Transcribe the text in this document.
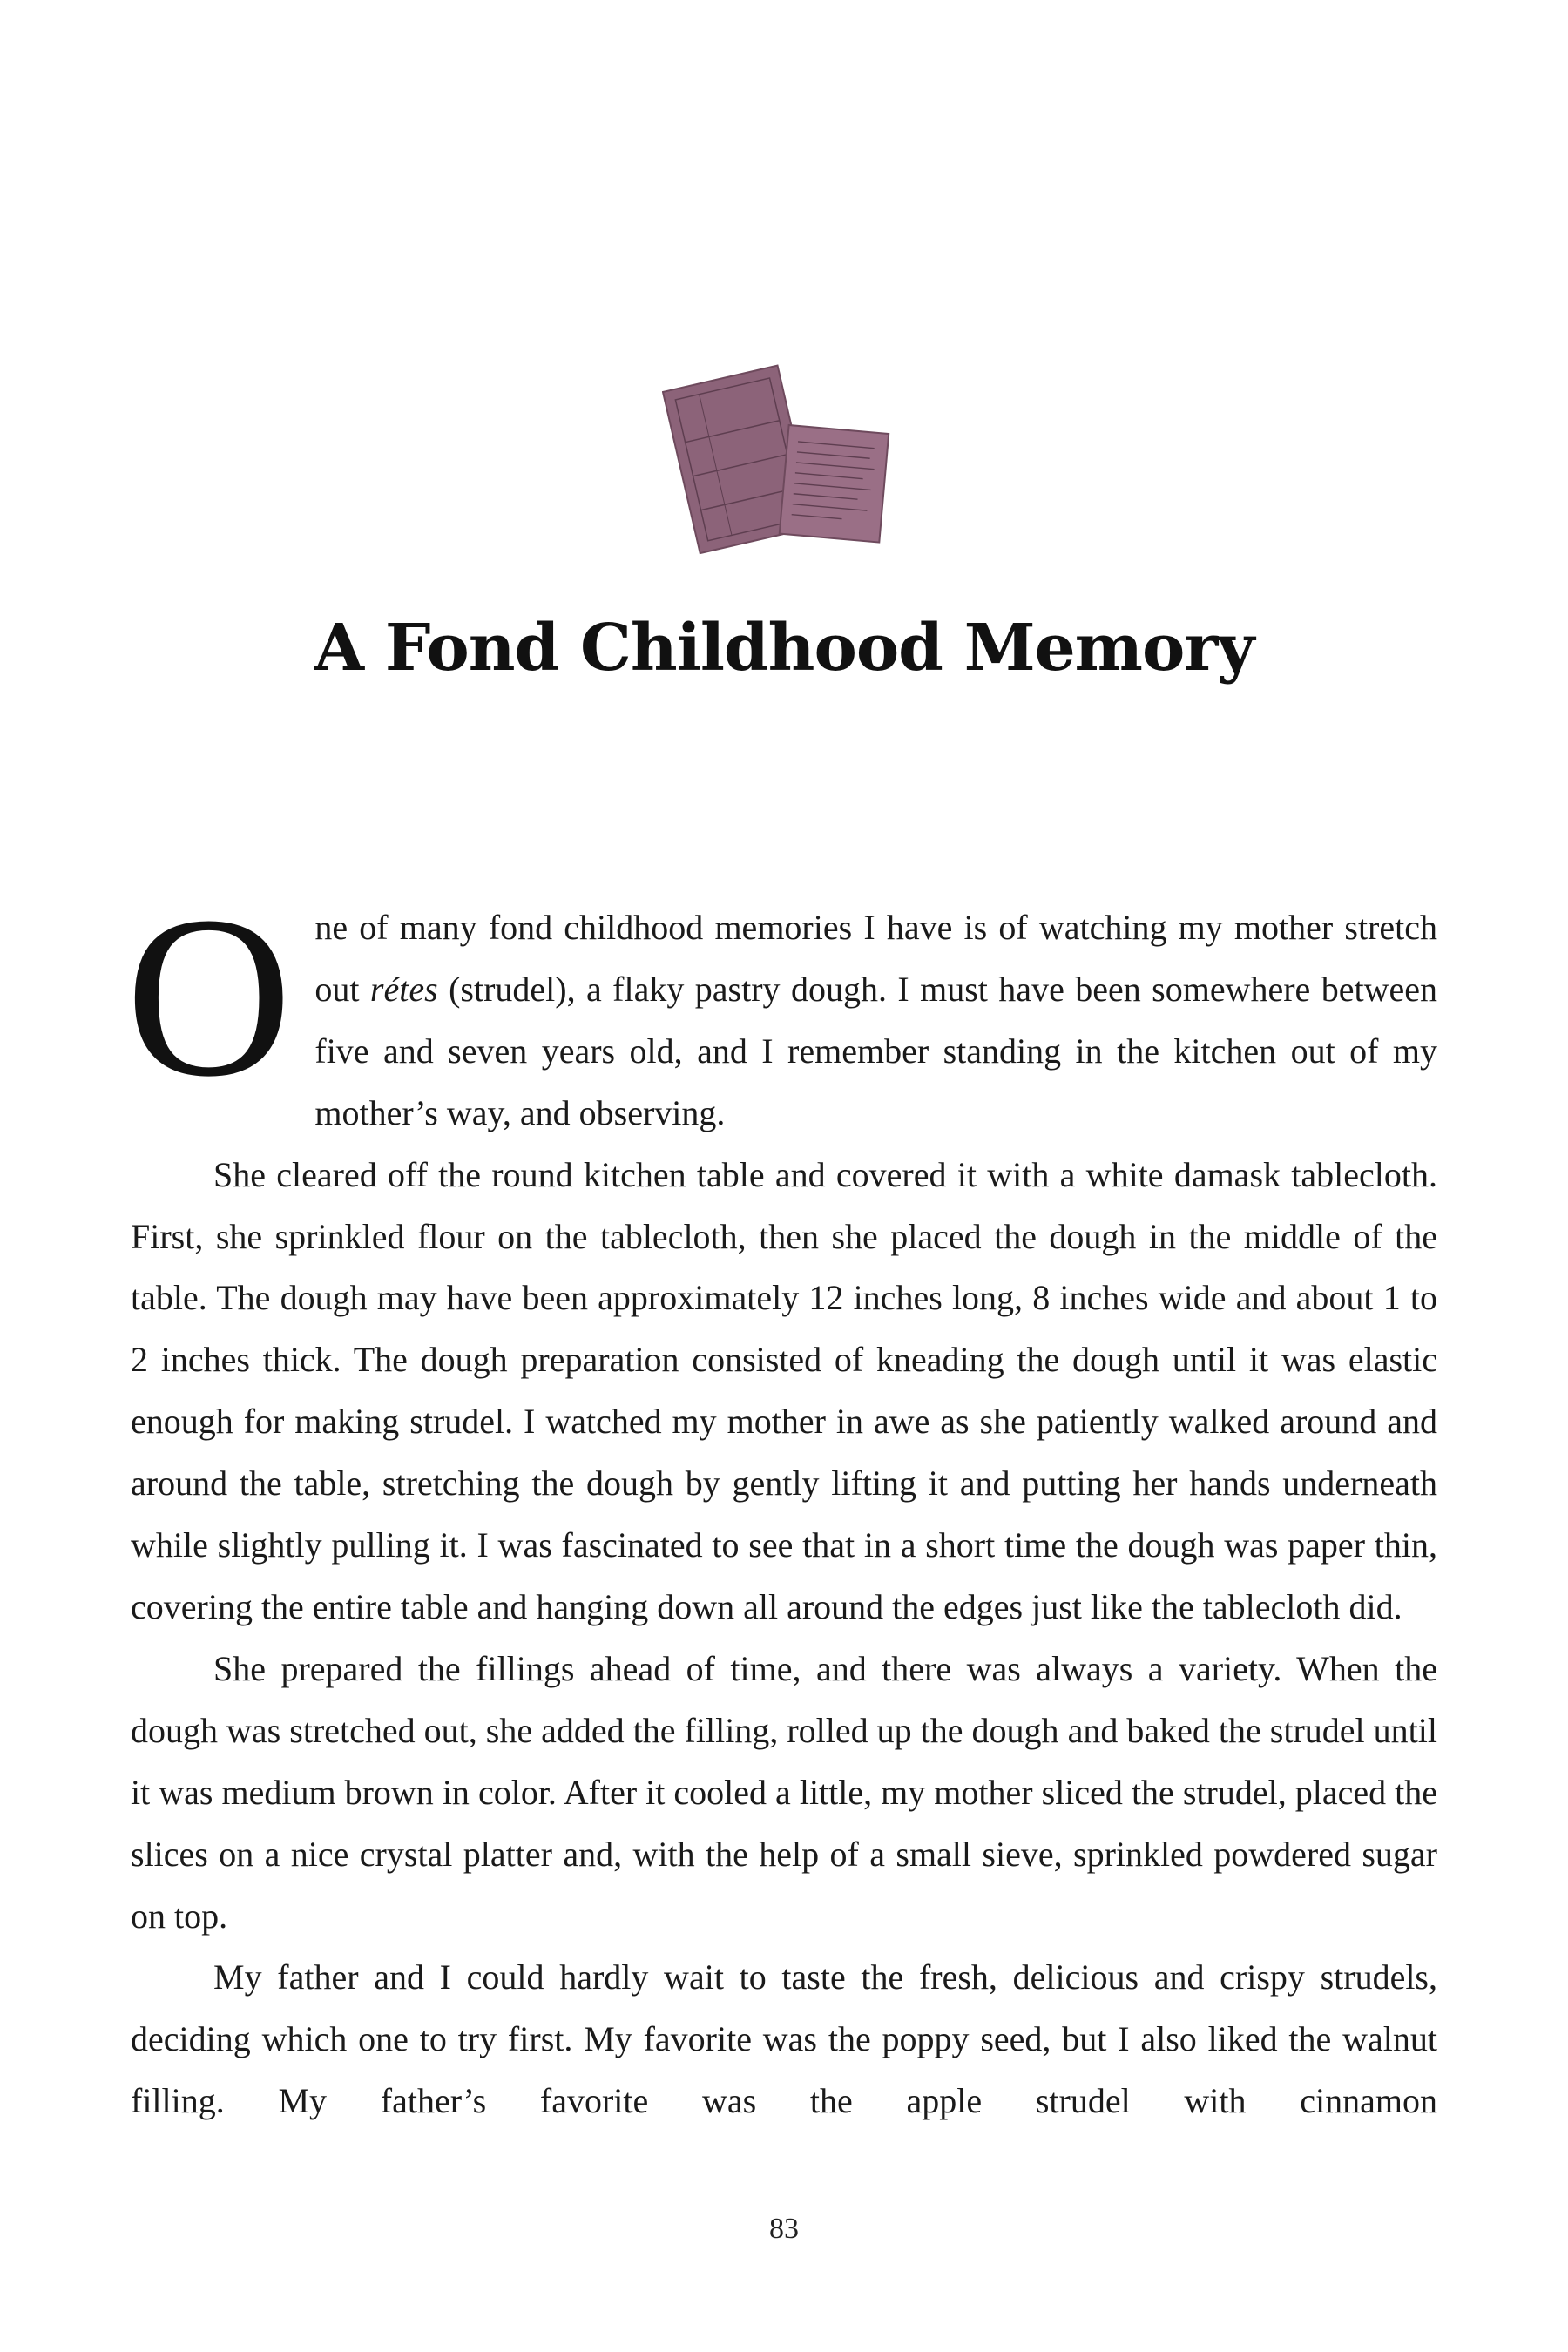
A Fond Childhood Memory

One of many fond childhood memories I have is of watching my mother stretch out rétes (strudel), a flaky pastry dough. I must have been somewhere between five and seven years old, and I remember standing in the kitchen out of my mother’s way, and observing.

She cleared off the round kitchen table and covered it with a white damask tablecloth. First, she sprinkled flour on the tablecloth, then she placed the dough in the middle of the table. The dough may have been approximately 12 inches long, 8 inches wide and about 1 to 2 inches thick. The dough preparation consisted of kneading the dough until it was elastic enough for making strudel. I watched my mother in awe as she patiently walked around and around the table, stretching the dough by gently lifting it and putting her hands underneath while slightly pulling it. I was fascinated to see that in a short time the dough was paper thin, covering the entire table and hanging down all around the edges just like the tablecloth did.

She prepared the fillings ahead of time, and there was always a variety. When the dough was stretched out, she added the filling, rolled up the dough and baked the strudel until it was medium brown in color. After it cooled a little, my mother sliced the strudel, placed the slices on a nice crystal platter and, with the help of a small sieve, sprinkled powdered sugar on top.

My father and I could hardly wait to taste the fresh, delicious and crispy strudels, deciding which one to try first. My favorite was the poppy seed, but I also liked the walnut filling. My father’s favorite was the apple strudel with cinnamon

83
